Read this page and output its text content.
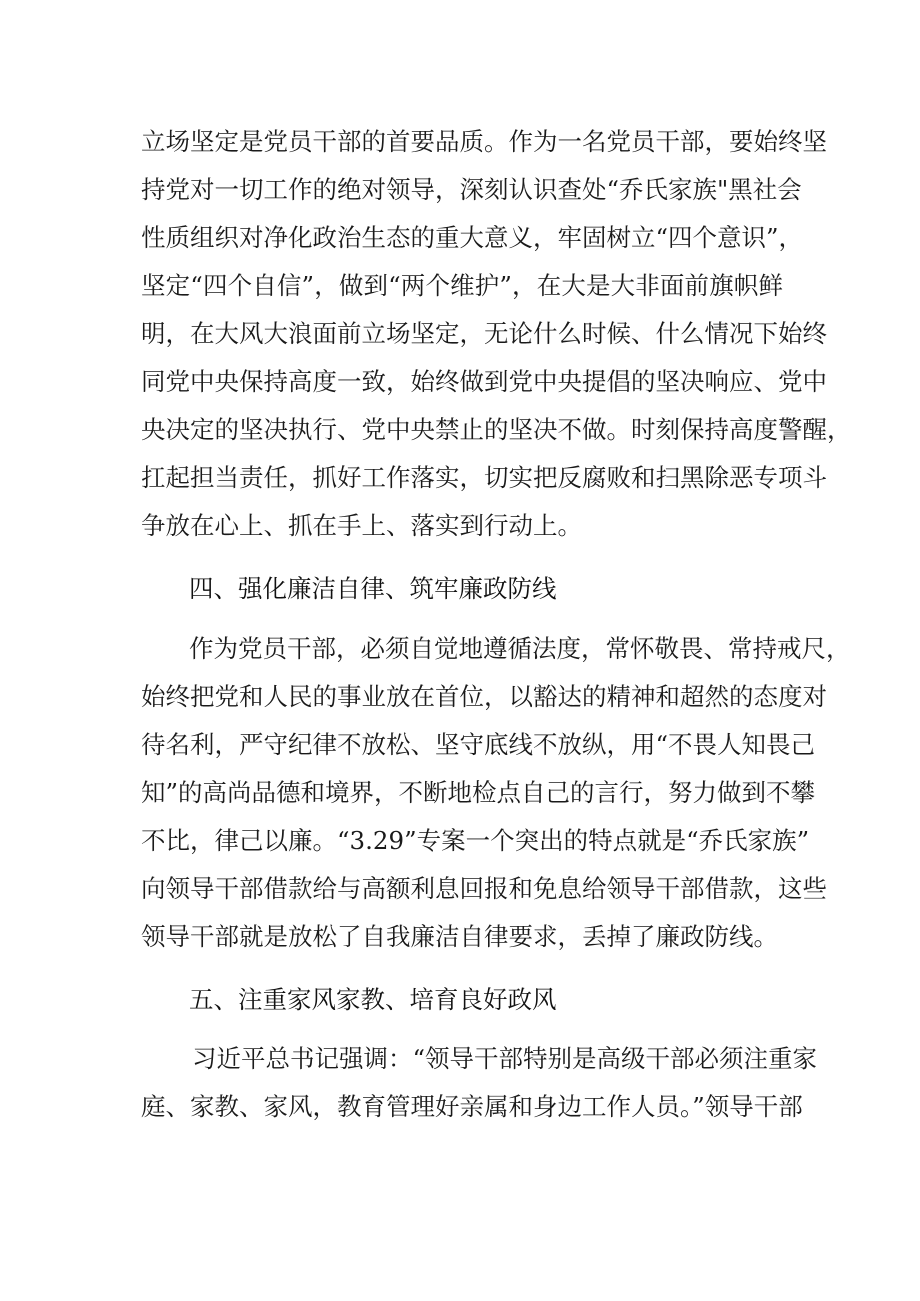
立场坚定是党员干部的首要品质。作为一名党员干部，要始终坚
持党对一切工作的绝对领导，深刻认识查处“乔氏家族"黑社会
性质组织对净化政治生态的重大意义，牢固树立“四个意识”，
坚定“四个自信”，做到“两个维护”，在大是大非面前旗帜鲜
明，在大风大浪面前立场坚定，无论什么时候、什么情况下始终
同党中央保持高度一致，始终做到党中央提倡的坚决响应、党中
央决定的坚决执行、党中央禁止的坚决不做。时刻保持高度警醒，
扛起担当责任，抓好工作落实，切实把反腐败和扫黑除恶专项斗
争放在心上、抓在手上、落实到行动上。
四、强化廉洁自律、筑牢廉政防线
作为党员干部，必须自觉地遵循法度，常怀敬畏、常持戒尺，
始终把党和人民的事业放在首位，以豁达的精神和超然的态度对
待名利，严守纪律不放松、坚守底线不放纵，用“不畏人知畏己
知”的高尚品德和境界，不断地检点自己的言行，努力做到不攀
不比，律己以廉。“3.29”专案一个突出的特点就是“乔氏家族”
向领导干部借款给与高额利息回报和免息给领导干部借款，这些
领导干部就是放松了自我廉洁自律要求，丢掉了廉政防线。
五、注重家风家教、培育良好政风
习近平总书记强调：“领导干部特别是高级干部必须注重家
庭、家教、家风，教育管理好亲属和身边工作人员。”领导干部
